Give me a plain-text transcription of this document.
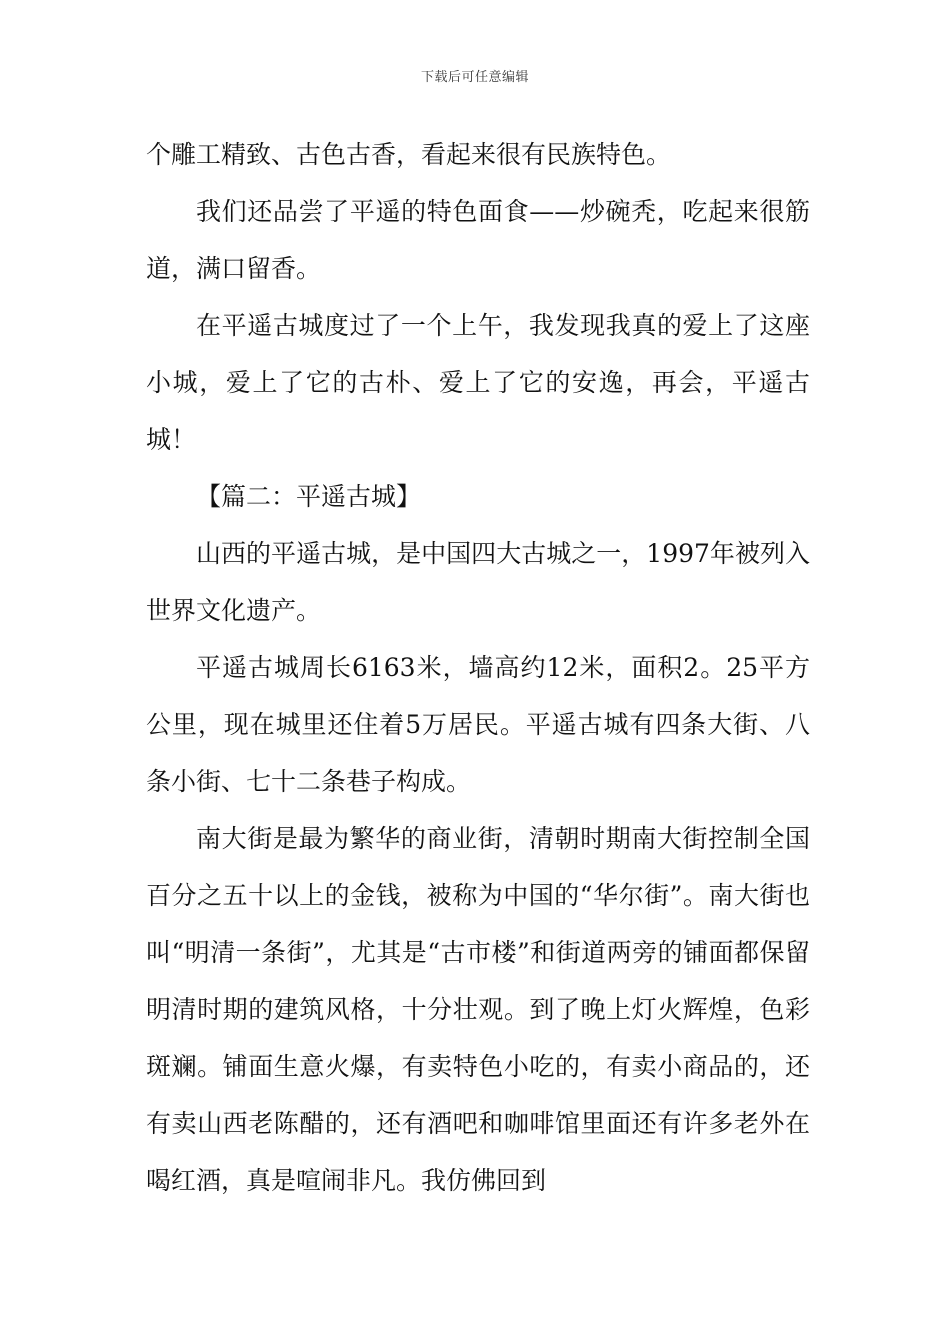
下载后可任意编辑

个雕工精致、古色古香，看起来很有民族特色。

我们还品尝了平遥的特色面食——炒碗秃，吃起来很筋道，满口留香。

在平遥古城度过了一个上午，我发现我真的爱上了这座小城，爱上了它的古朴、爱上了它的安逸，再会，平遥古城！

【篇二：平遥古城】

山西的平遥古城，是中国四大古城之一，1997年被列入世界文化遗产。

平遥古城周长6163米，墙高约12米，面积2。25平方公里，现在城里还住着5万居民。平遥古城有四条大街、八条小街、七十二条巷子构成。

南大街是最为繁华的商业街，清朝时期南大街控制全国百分之五十以上的金钱，被称为中国的“华尔街”。南大街也叫“明清一条街”，尤其是“古市楼”和街道两旁的铺面都保留明清时期的建筑风格，十分壮观。到了晚上灯火辉煌，色彩斑斓。铺面生意火爆，有卖特色小吃的，有卖小商品的，还有卖山西老陈醋的，还有酒吧和咖啡馆里面还有许多老外在喝红酒，真是喧闹非凡。我仿佛回到
